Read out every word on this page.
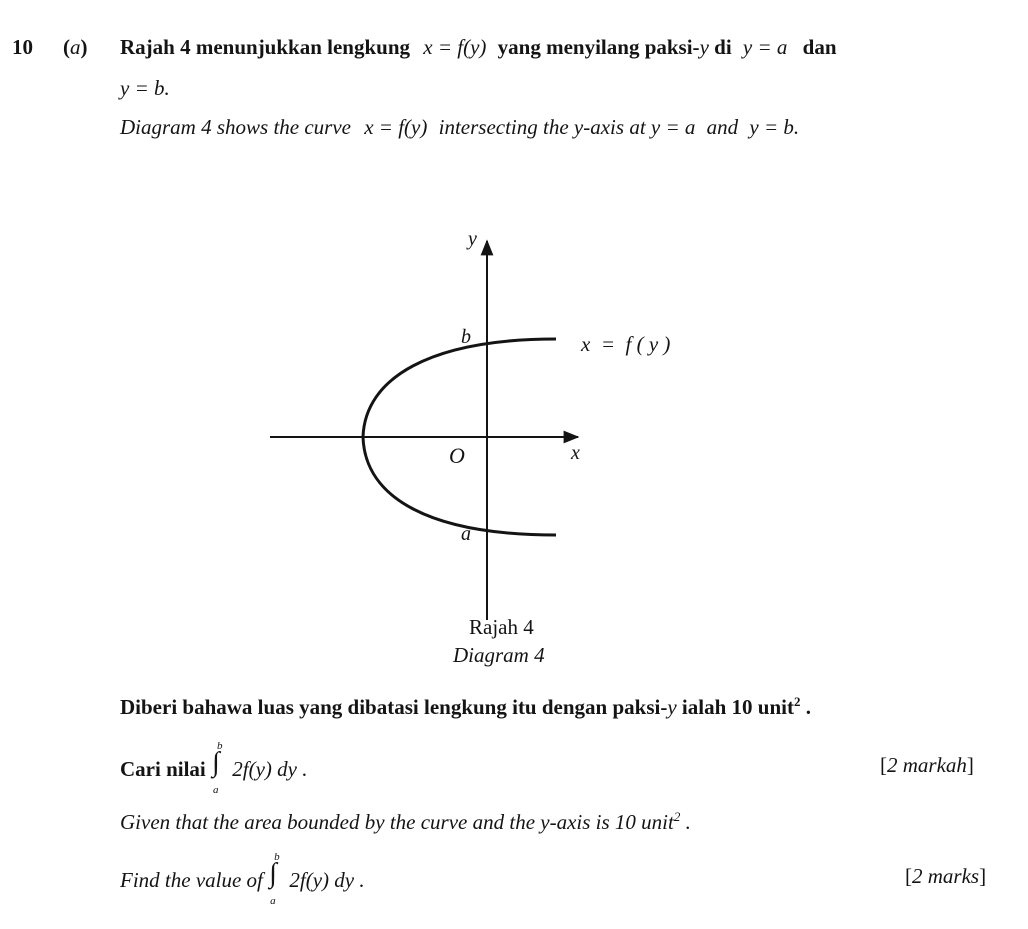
10 (a) Rajah 4 menunjukkan lengkung x = f(y) yang menyilang paksi-y di y = a dan
y = b.
Diagram 4 shows the curve x = f(y) intersecting the y-axis at y = a and y = b.
y
x
O
b
a
x  =  f ( y )
Rajah 4
Diagram 4
Diberi bahawa luas yang dibatasi lengkung itu dengan paksi-y ialah 10 unit$^2$ .
Cari nilai ∫
b
a
2f(y) dy .	[2 markah]
Given that the area bounded by the curve and the y-axis is 10 unit$^2$ .
Find the value of ∫
b
a
2f(y) dy .	[2 marks]
